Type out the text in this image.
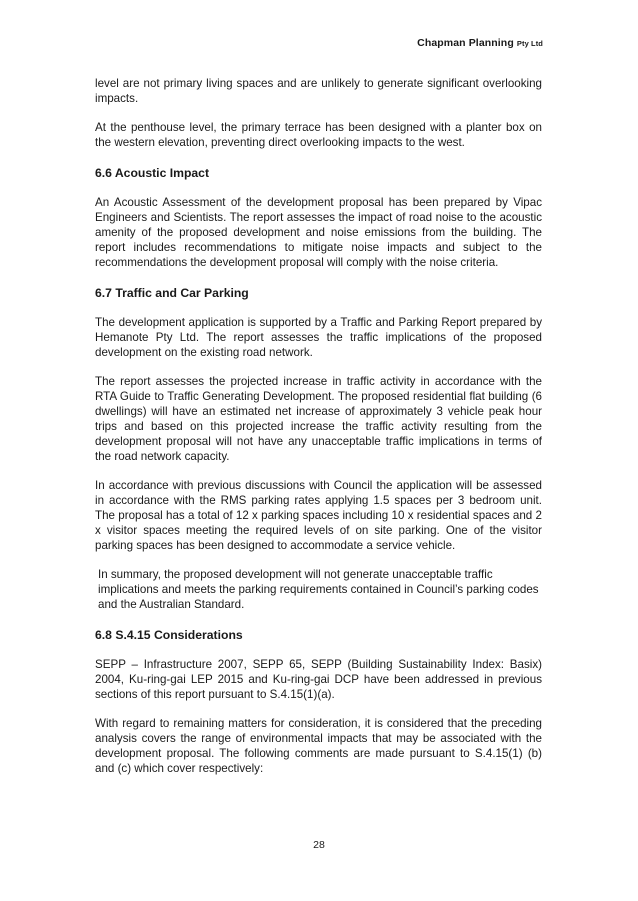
Chapman Planning Pty Ltd

level are not primary living spaces and are unlikely to generate significant overlooking impacts.

At the penthouse level, the primary terrace has been designed with a planter box on the western elevation, preventing direct overlooking impacts to the west.

6.6 Acoustic Impact

An Acoustic Assessment of the development proposal has been prepared by Vipac Engineers and Scientists. The report assesses the impact of road noise to the acoustic amenity of the proposed development and noise emissions from the building. The report includes recommendations to mitigate noise impacts and subject to the recommendations the development proposal will comply with the noise criteria.

6.7 Traffic and Car Parking

The development application is supported by a Traffic and Parking Report prepared by Hemanote Pty Ltd. The report assesses the traffic implications of the proposed development on the existing road network.

The report assesses the projected increase in traffic activity in accordance with the RTA Guide to Traffic Generating Development. The proposed residential flat building (6 dwellings) will have an estimated net increase of approximately 3 vehicle peak hour trips and based on this projected increase the traffic activity resulting from the development proposal will not have any unacceptable traffic implications in terms of the road network capacity.

In accordance with previous discussions with Council the application will be assessed in accordance with the RMS parking rates applying 1.5 spaces per 3 bedroom unit. The proposal has a total of 12 x parking spaces including 10 x residential spaces and 2 x visitor spaces meeting the required levels of on site parking. One of the visitor parking spaces has been designed to accommodate a service vehicle.

In summary, the proposed development will not generate unacceptable traffic implications and meets the parking requirements contained in Council’s parking codes and the Australian Standard.

6.8 S.4.15 Considerations

SEPP – Infrastructure 2007, SEPP 65, SEPP (Building Sustainability Index: Basix) 2004, Ku-ring-gai LEP 2015 and Ku-ring-gai DCP have been addressed in previous sections of this report pursuant to S.4.15(1)(a).

With regard to remaining matters for consideration, it is considered that the preceding analysis covers the range of environmental impacts that may be associated with the development proposal. The following comments are made pursuant to S.4.15(1) (b) and (c) which cover respectively:

28
